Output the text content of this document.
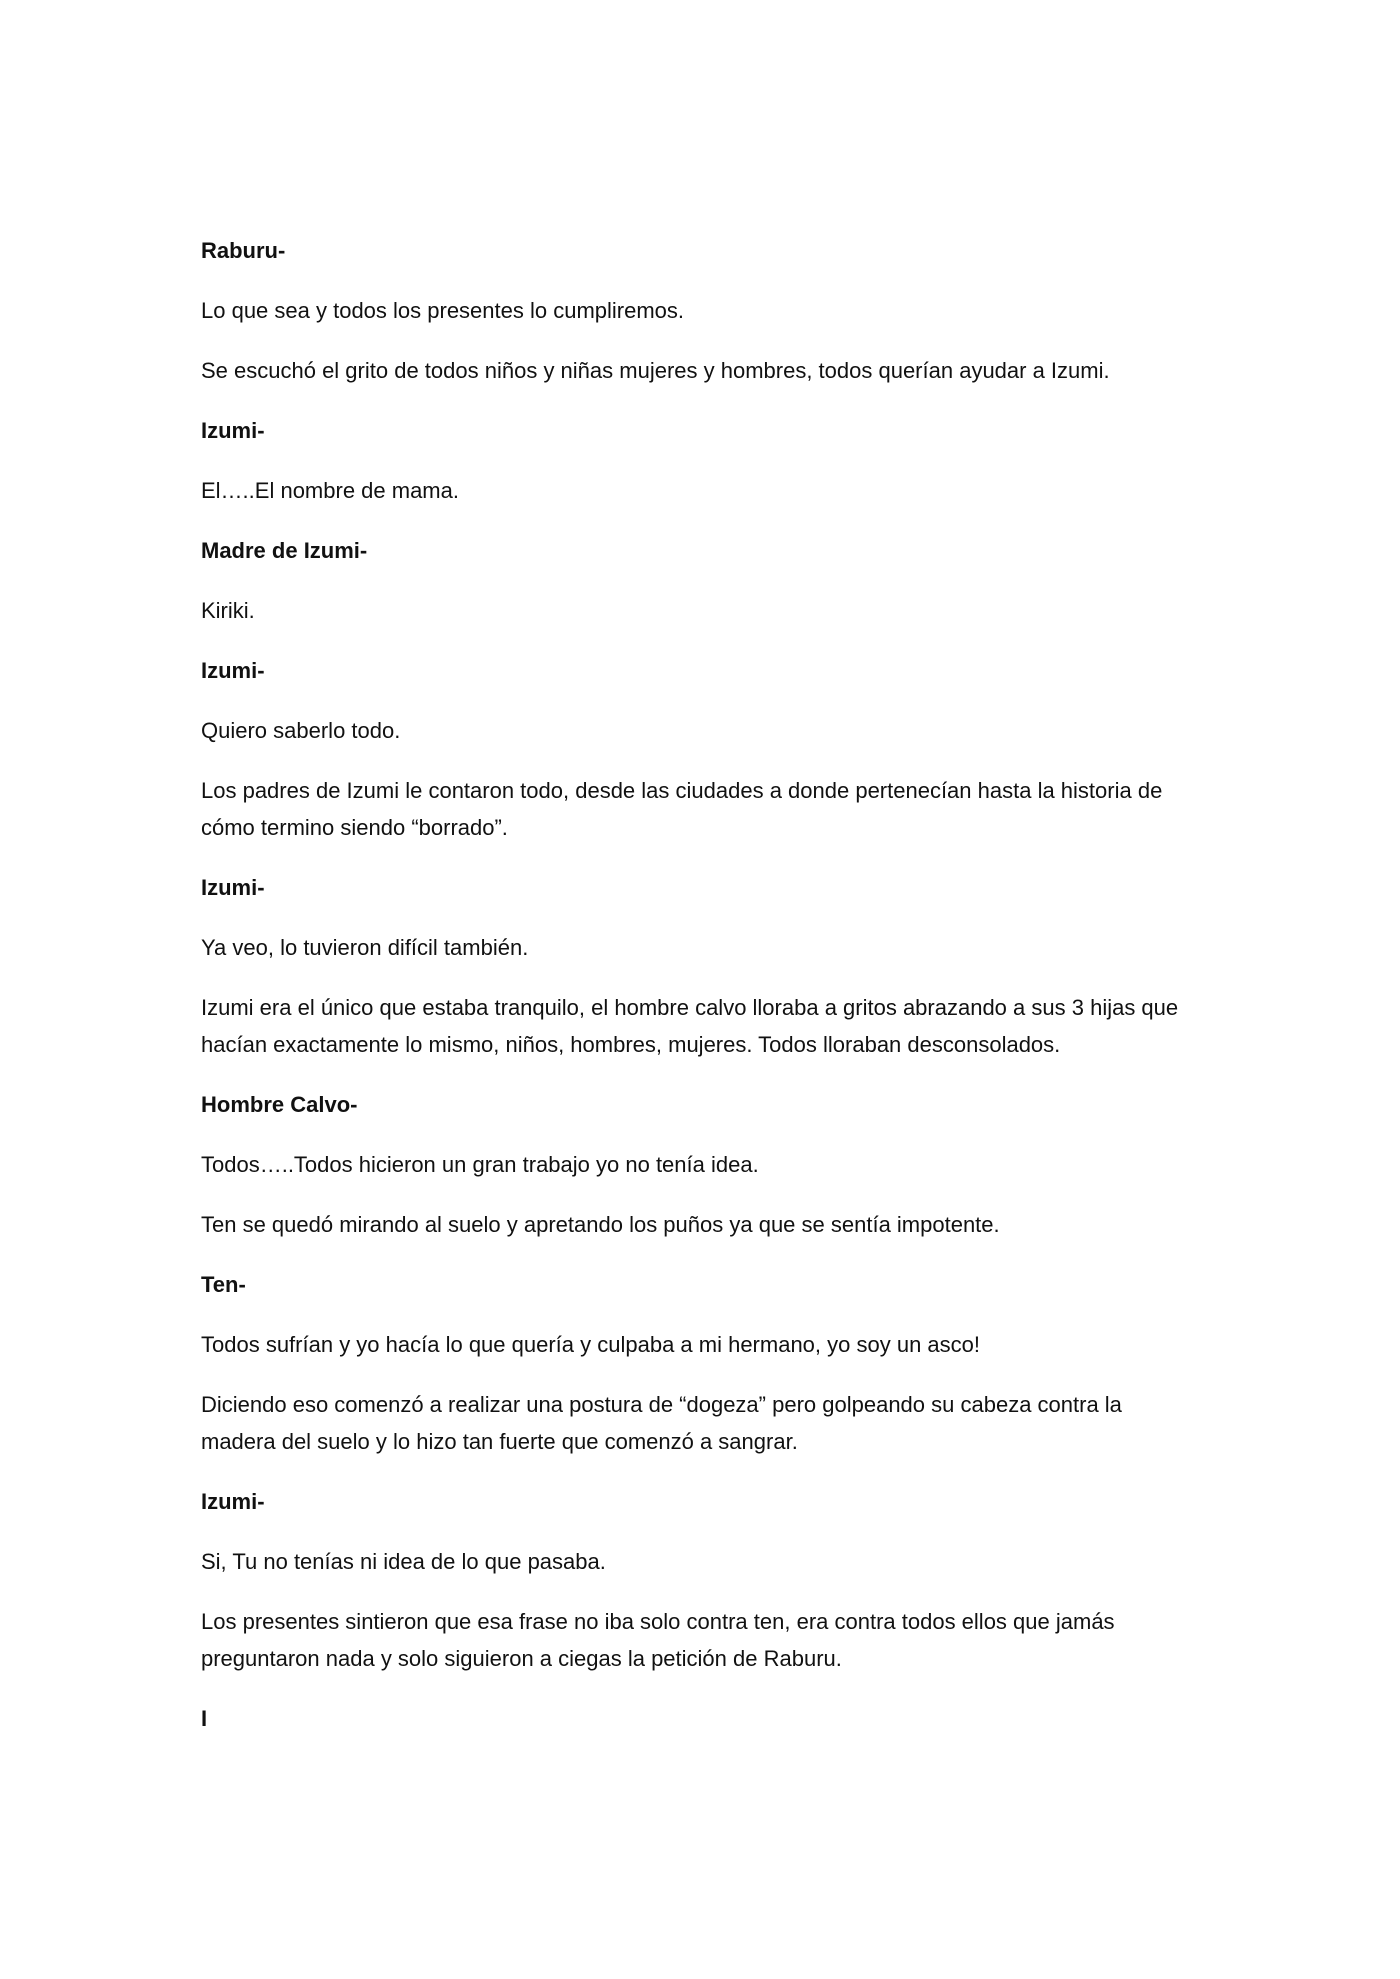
Raburu-

Lo que sea y todos los presentes lo cumpliremos.

Se escuchó el grito de todos niños y niñas mujeres y hombres, todos querían ayudar a Izumi.

Izumi-

El…..El nombre de mama.

Madre de Izumi-

Kiriki.

Izumi-

Quiero saberlo todo.

Los padres de Izumi le contaron todo, desde las ciudades a donde pertenecían hasta la historia de cómo termino siendo “borrado”.

Izumi-

Ya veo, lo tuvieron difícil también.

Izumi era el único que estaba tranquilo, el hombre calvo lloraba a gritos abrazando a sus 3 hijas que hacían exactamente lo mismo, niños, hombres, mujeres. Todos lloraban desconsolados.

Hombre Calvo-

Todos…..Todos hicieron un gran trabajo yo no tenía idea.

Ten se quedó mirando al suelo y apretando los puños ya que se sentía impotente.

Ten-

Todos sufrían y yo hacía lo que quería y culpaba a mi hermano, yo soy un asco!

Diciendo eso comenzó a realizar una postura de “dogeza” pero golpeando su cabeza contra la madera del suelo y lo hizo tan fuerte que comenzó a sangrar.

Izumi-

Si, Tu no tenías ni idea de lo que pasaba.

Los presentes sintieron que esa frase no iba solo contra ten, era contra todos ellos que jamás preguntaron nada y solo siguieron a ciegas la petición de Raburu.

I
